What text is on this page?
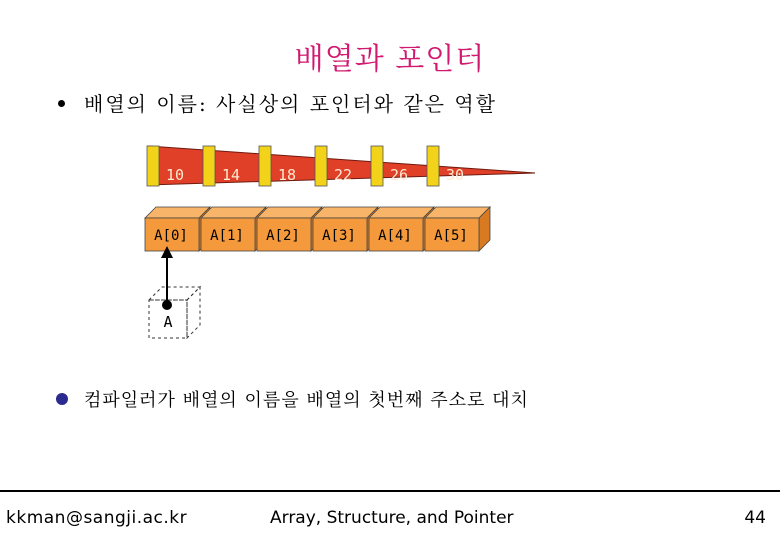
배열과 포인터
배열의 이름: 사실상의 포인터와 같은 역할
10	14	18	22	26	30
A[0] A[1] A[2] A[3] A[4] A[5]
A
컴파일러가 배열의 이름을 배열의 첫번째 주소로 대치
kkman@sangji.ac.kr	Array, Structure, and Pointer	44
